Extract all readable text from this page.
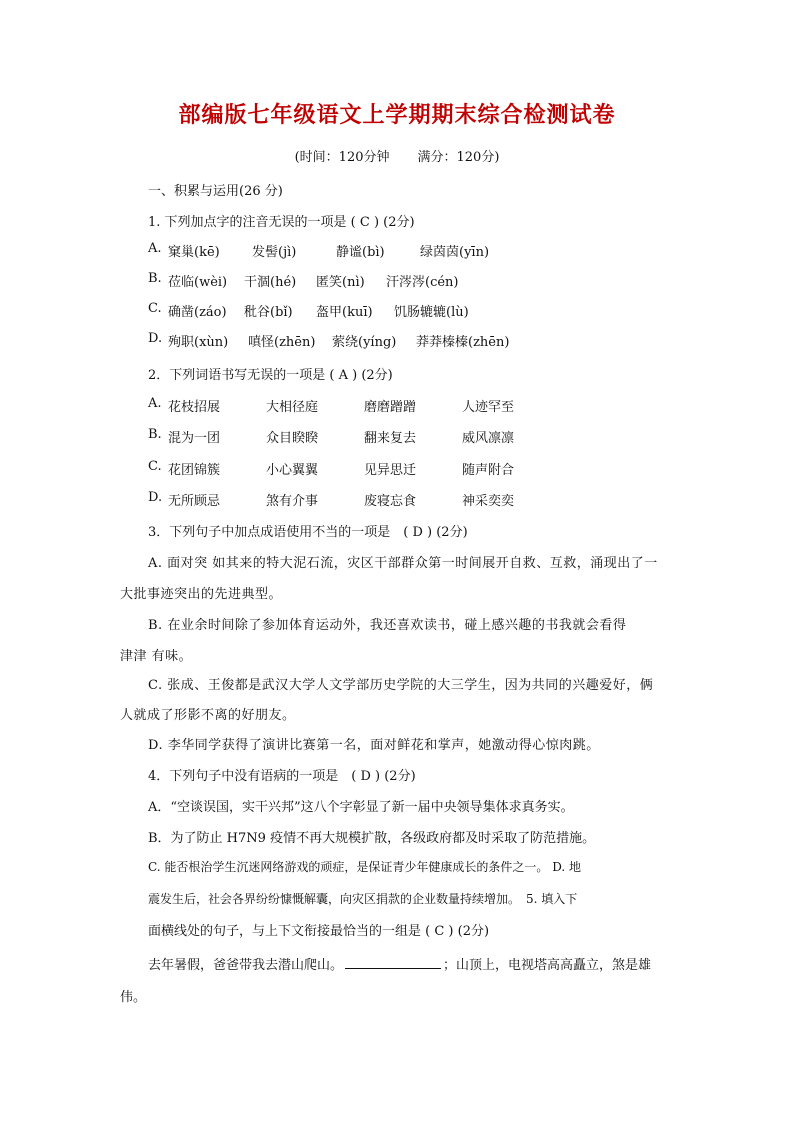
部编版七年级语文上学期期末综合检测试卷
(时间：120分钟 满分：120分)
一、积累与运用(26 分)
1. 下列加点字的注音无误的一项是 ( C ) (2分)
A. 窠巢(kē) 发髻(jì)	静谧(bì)	绿茵茵(yīn)
B. 莅临(wèi) 干涸(hé) 匿笑(nì) 汗涔涔(cén)
C. 确凿(záo) 秕谷(bǐ) 盔甲(kuī) 饥肠辘辘(lù)
D. 殉职(xùn) 嗔怪(zhēn) 萦绕(yíng) 莽莽榛榛(zhēn)
2．下列词语书写无误的一项是 ( A ) (2分)
A. 花枝招展	大相径庭	磨磨蹭蹭	人迹罕至
B. 混为一团	众目睽睽	翻来复去	威风凛凛
C. 花团锦簇	小心翼翼	见异思迁	随声附合
D. 无所顾忌	煞有介事	废寝忘食	神采奕奕
3．下列句子中加点成语使用不当的一项是　( D ) (2分)
A. 面对突 如其来的特大泥石流，灾区干部群众第一时间展开自救、互救，涌现出了一
大批事迹突出的先进典型。
B. 在业余时间除了参加体育运动外，我还喜欢读书，碰上感兴趣的书我就会看得
津津 有味。
C. 张成、王俊都是武汉大学人文学部历史学院的大三学生，因为共同的兴趣爱好，俩
人就成了形影不离的好朋友。
D. 李华同学获得了演讲比赛第一名，面对鲜花和掌声，她激动得心惊肉跳。
4．下列句子中没有语病的一项是　( D ) (2分)
A．“空谈误国，实干兴邦”这八个字彰显了新一届中央领导集体求真务实。
B．为了防止 H7N9 疫情不再大规模扩散，各级政府都及时采取了防范措施。
C. 能否根治学生沉迷网络游戏的顽症，是保证青少年健康成长的条件之一。 D. 地
震发生后，社会各界纷纷慷慨解囊，向灾区捐款的企业数量持续增加。　5. 填入下
面横线处的句子，与上下文衔接最恰当的一组是 ( C ) (2分)
去年暑假，爸爸带我去潜山爬山。	；山顶上，电视塔高高矗立，煞是雄
伟。
